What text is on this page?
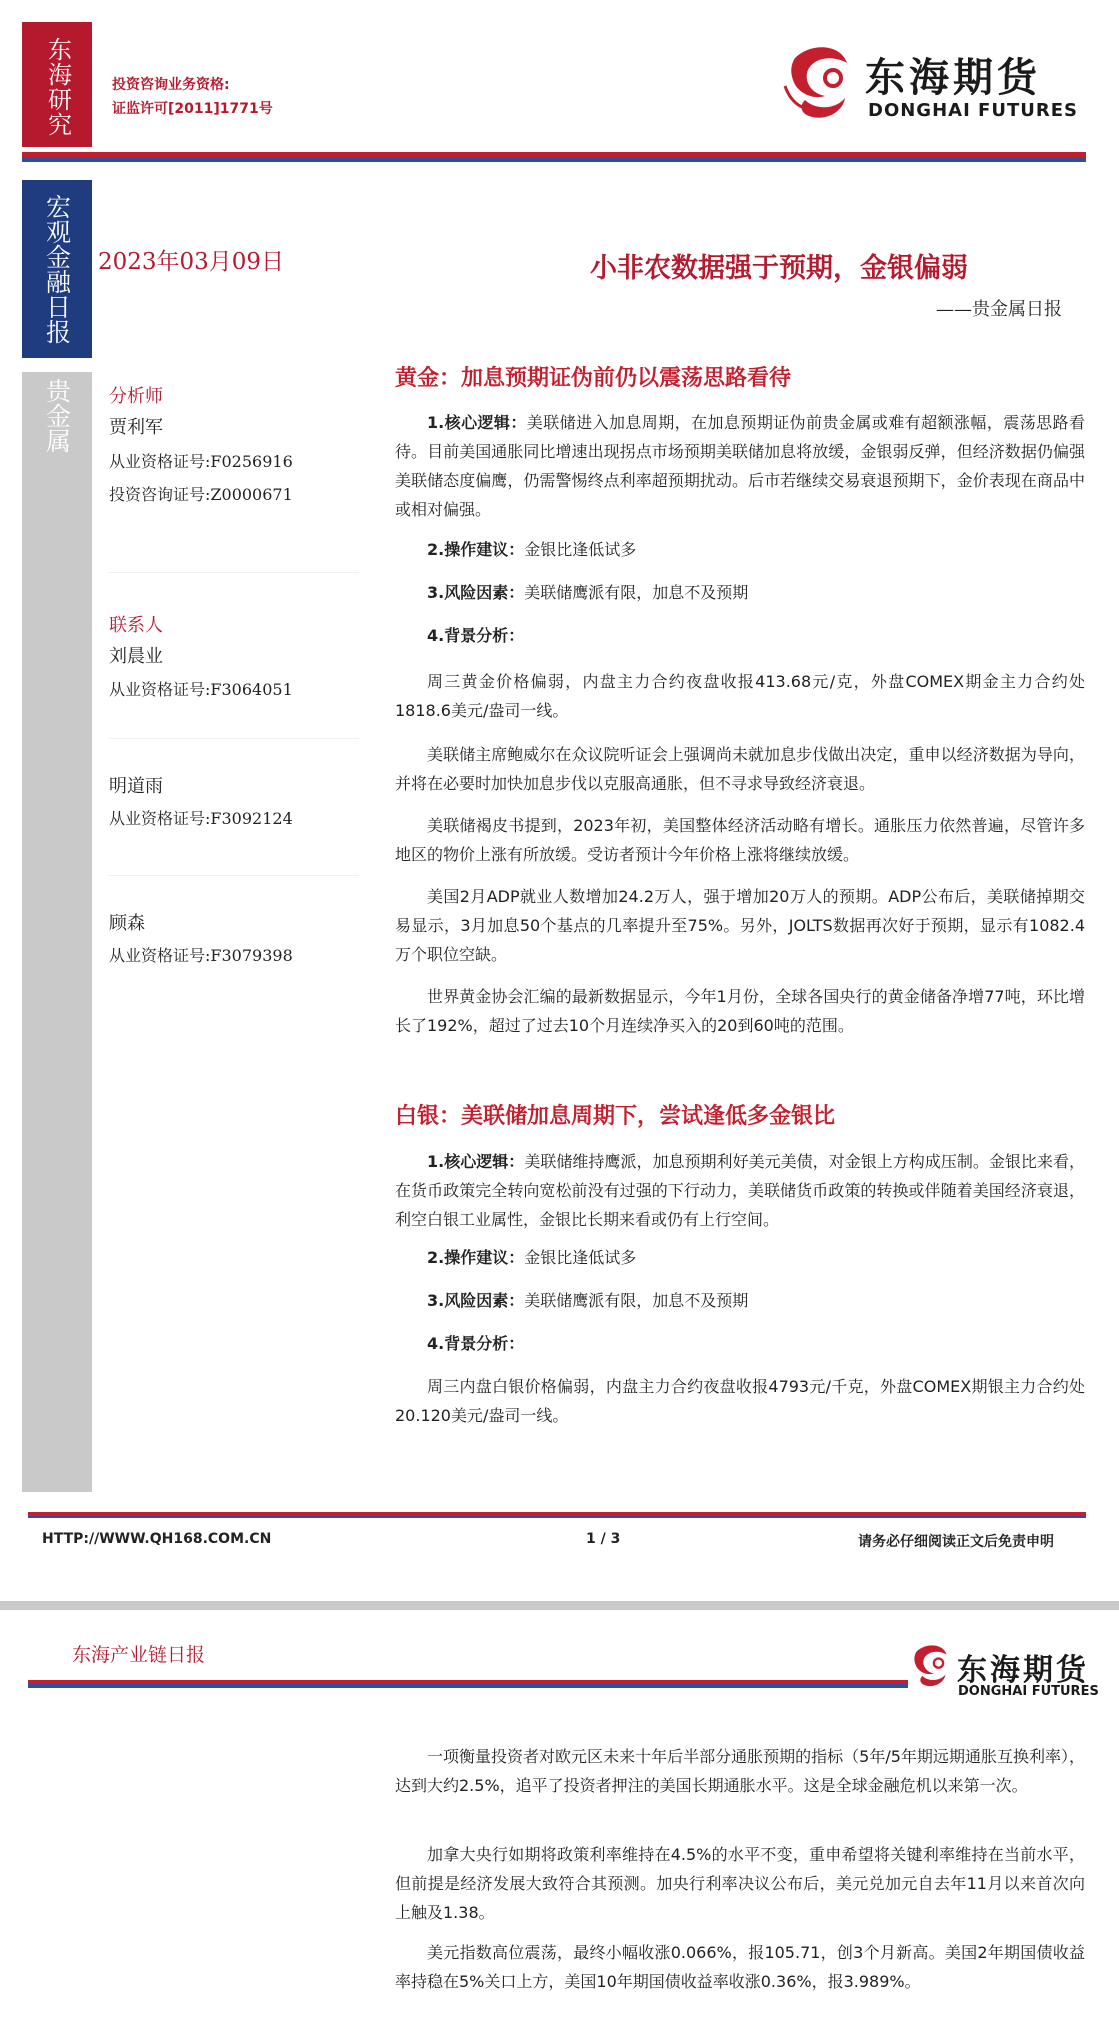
东海研究	投资咨询业务资格:
证监许可[2011]1771号
东海期货
DONGHAI FUTURES
宏观金融日报
贵金属
2023年03月09日
分析师
贾利军
从业资格证号:F0256916
投资咨询证号:Z0000671
联系人
刘晨业
从业资格证号:F3064051
明道雨
从业资格证号:F3092124
顾森
从业资格证号:F3079398
小非农数据强于预期，金银偏弱
——贵金属日报
黄金：加息预期证伪前仍以震荡思路看待
1.核心逻辑：美联储进入加息周期，在加息预期证伪前贵金属或难有超额涨幅，震荡思路看待。目前美国通胀同比增速出现拐点市场预期美联储加息将放缓，金银弱反弹，但经济数据仍偏强美联储态度偏鹰，仍需警惕终点利率超预期扰动。后市若继续交易衰退预期下，金价表现在商品中或相对偏强。
2.操作建议：金银比逢低试多
3.风险因素：美联储鹰派有限，加息不及预期
4.背景分析：
周三黄金价格偏弱，内盘主力合约夜盘收报413.68元/克，外盘COMEX期金主力合约处1818.6美元/盎司一线。
美联储主席鲍威尔在众议院听证会上强调尚未就加息步伐做出决定，重申以经济数据为导向，并将在必要时加快加息步伐以克服高通胀，但不寻求导致经济衰退。
美联储褐皮书提到，2023年初，美国整体经济活动略有增长。通胀压力依然普遍，尽管许多地区的物价上涨有所放缓。受访者预计今年价格上涨将继续放缓。
美国2月ADP就业人数增加24.2万人，强于增加20万人的预期。ADP公布后，美联储掉期交易显示，3月加息50个基点的几率提升至75%。另外，JOLTS数据再次好于预期，显示有1082.4万个职位空缺。
世界黄金协会汇编的最新数据显示，今年1月份，全球各国央行的黄金储备净增77吨，环比增长了192%，超过了过去10个月连续净买入的20到60吨的范围。
白银：美联储加息周期下，尝试逢低多金银比
1.核心逻辑：美联储维持鹰派，加息预期利好美元美债，对金银上方构成压制。金银比来看，在货币政策完全转向宽松前没有过强的下行动力，美联储货币政策的转换或伴随着美国经济衰退，利空白银工业属性，金银比长期来看或仍有上行空间。
2.操作建议：金银比逢低试多
3.风险因素：美联储鹰派有限，加息不及预期
4.背景分析：
周三内盘白银价格偏弱，内盘主力合约夜盘收报4793元/千克，外盘COMEX期银主力合约处20.120美元/盎司一线。
HTTP://WWW.QH168.COM.CN	1 / 3	请务必仔细阅读正文后免责申明
东海产业链日报	东海期货
DONGHAI FUTURES
一项衡量投资者对欧元区未来十年后半部分通胀预期的指标（5年/5年期远期通胀互换利率），达到大约2.5%，追平了投资者押注的美国长期通胀水平。这是全球金融危机以来第一次。
加拿大央行如期将政策利率维持在4.5%的水平不变，重申希望将关键利率维持在当前水平，但前提是经济发展大致符合其预测。加央行利率决议公布后，美元兑加元自去年11月以来首次向上触及1.38。
美元指数高位震荡，最终小幅收涨0.066%，报105.71，创3个月新高。美国2年期国债收益率持稳在5%关口上方，美国10年期国债收益率收涨0.36%，报3.989%。
